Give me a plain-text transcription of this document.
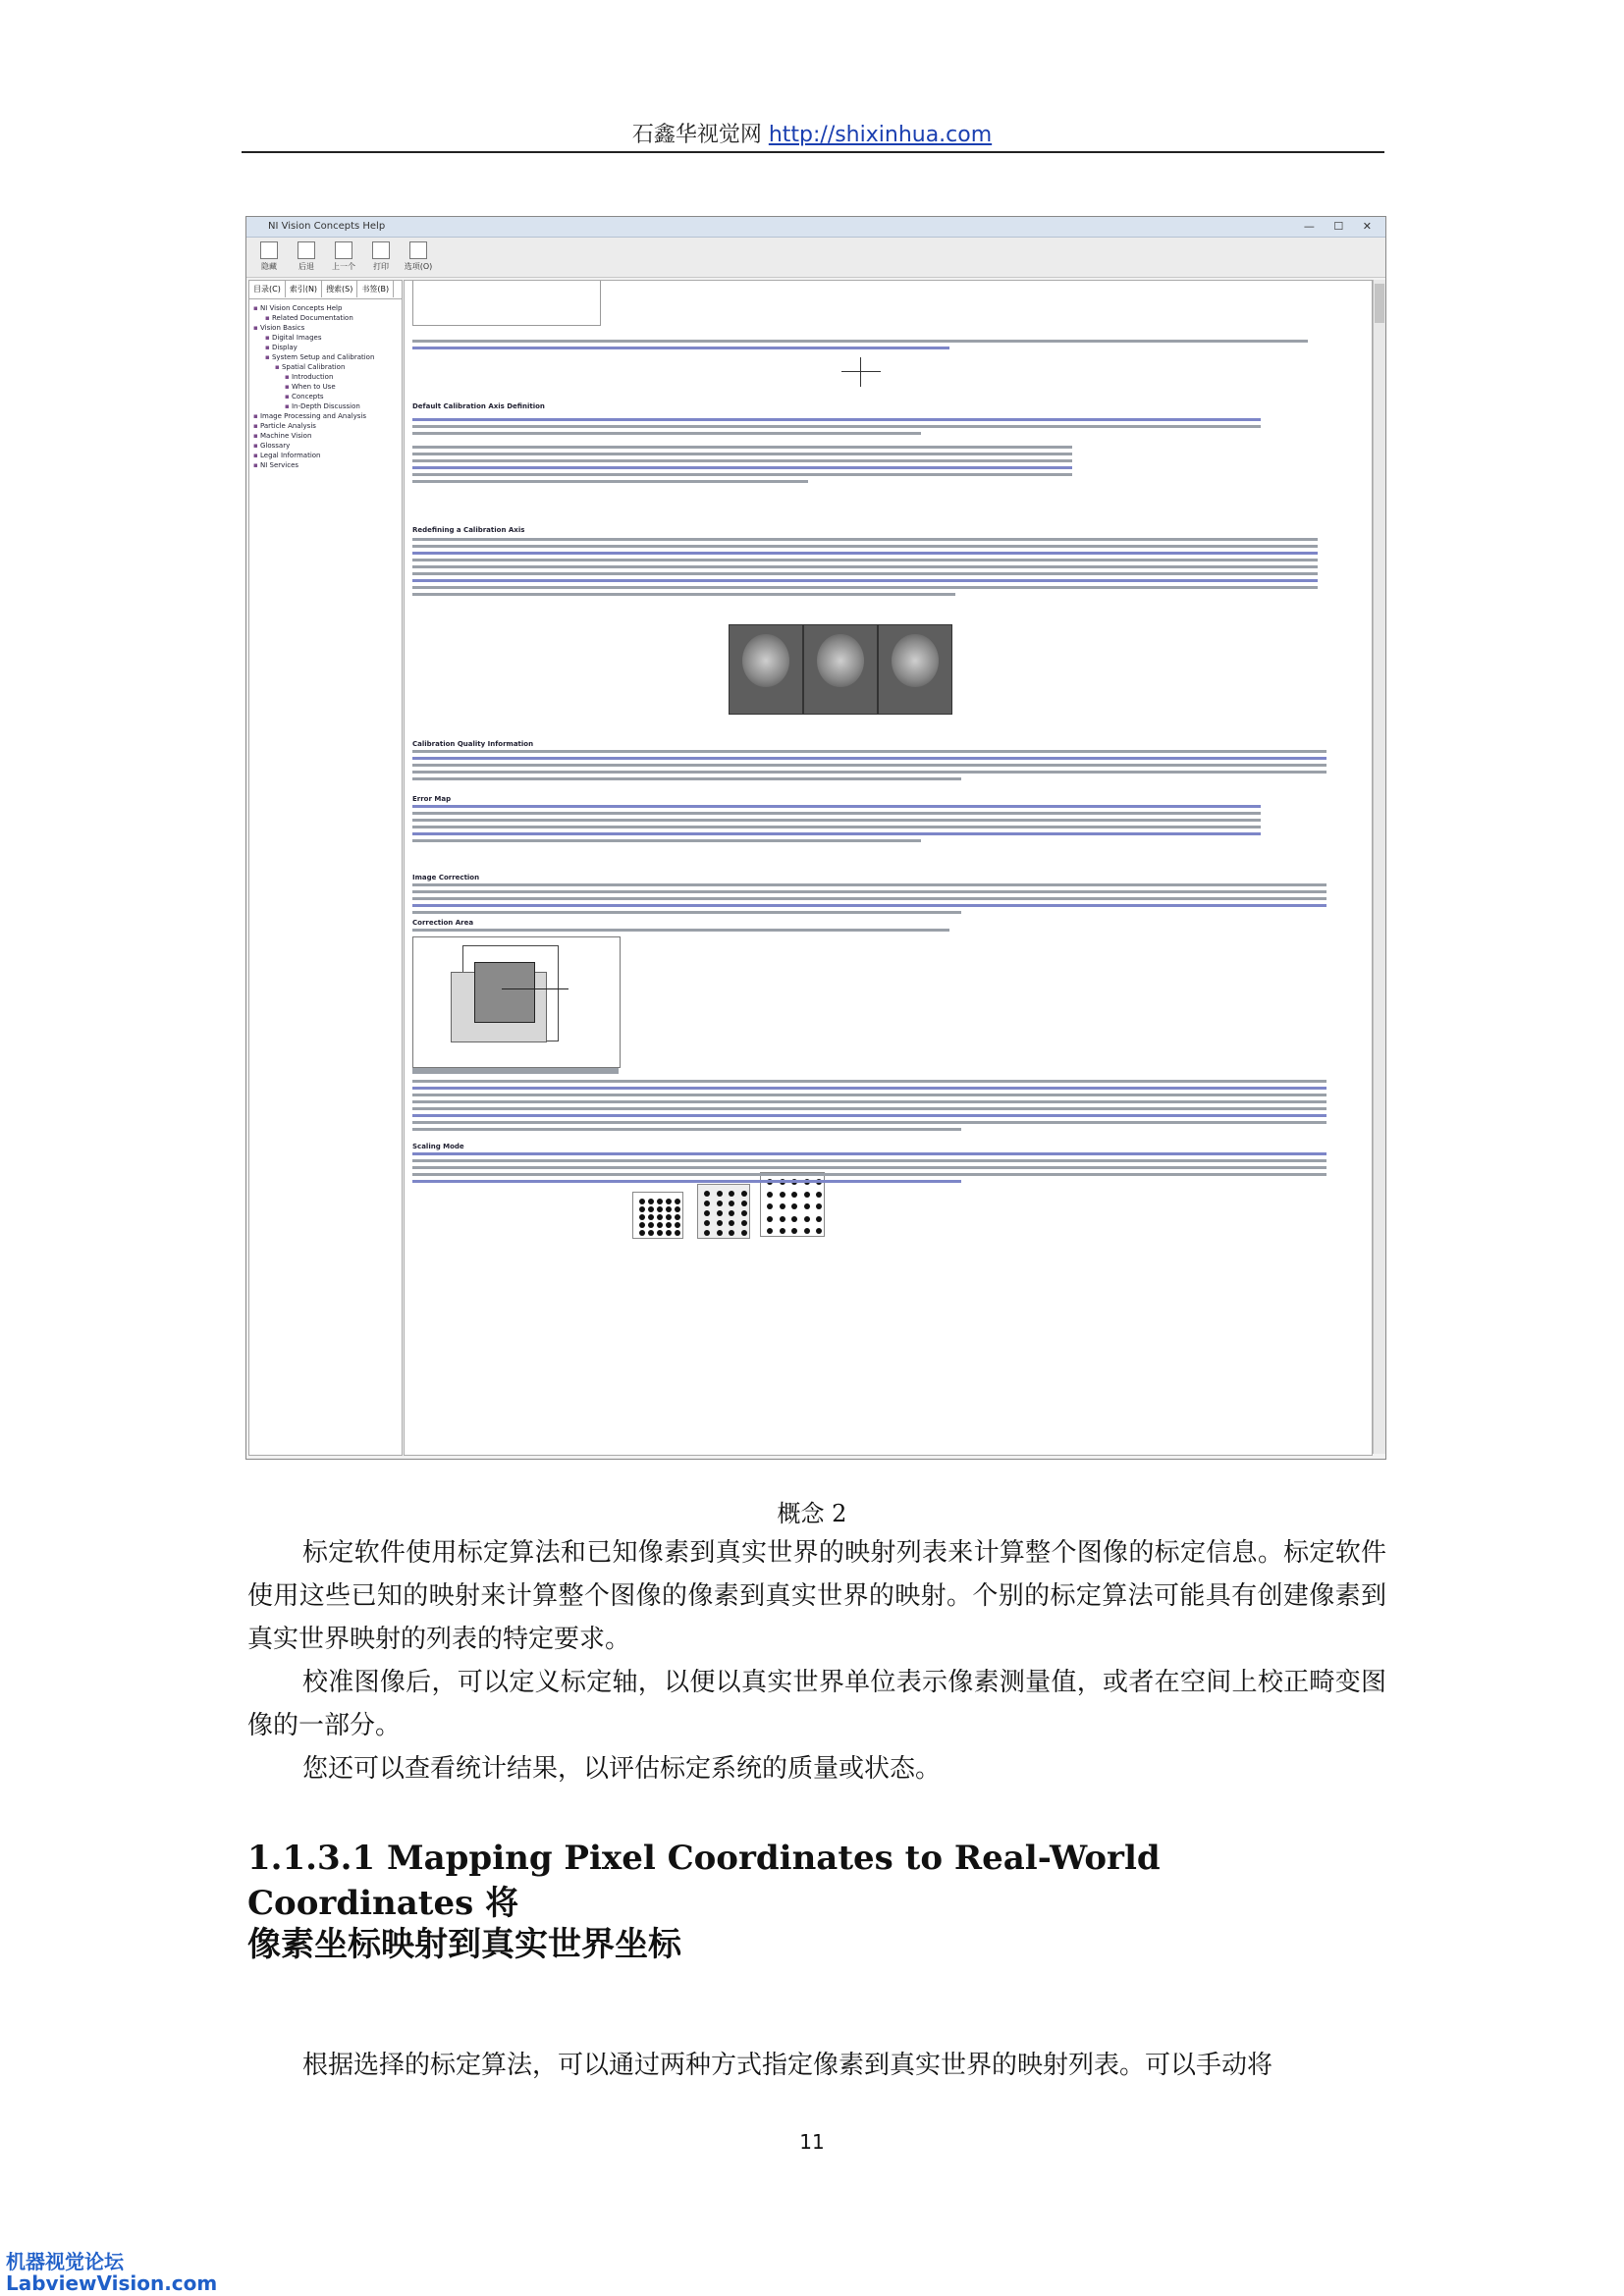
石鑫华视觉网 http://shixinhua.com
NI Vision Concepts Help	— ☐ ✕
隐藏	后退	上一个	打印	选项(O)
目录(C) 索引(N) 搜索(S) 书签(B)
▪ NI Vision Concepts Help
▪ Related Documentation
▪ Vision Basics
▪ Digital Images
▪ Display
▪ System Setup and Calibration
▪ Spatial Calibration
▪ Introduction
▪ When to Use
▪ Concepts
▪ In-Depth Discussion
▪ Image Processing and Analysis
▪ Particle Analysis
▪ Machine Vision
▪ Glossary
▪ Legal Information
▪ NI Services
Default Calibration Axis Definition
Redefining a Calibration Axis
Calibration Quality Information
Error Map
Image Correction
Correction Area
Scaling Mode
概念 2
标定软件使用标定算法和已知像素到真实世界的映射列表来计算整个图像的标定信息。标定软件使用这些已知的映射来计算整个图像的像素到真实世界的映射。个别的标定算法可能具有创建像素到真实世界映射的列表的特定要求。
校准图像后，可以定义标定轴，以便以真实世界单位表示像素测量值，或者在空间上校正畸变图像的一部分。
您还可以查看统计结果，以评估标定系统的质量或状态。
1.1.3.1 Mapping Pixel Coordinates to Real-World Coordinates 将
像素坐标映射到真实世界坐标
根据选择的标定算法，可以通过两种方式指定像素到真实世界的映射列表。可以手动将
11
机器视觉论坛
LabviewVision.com
